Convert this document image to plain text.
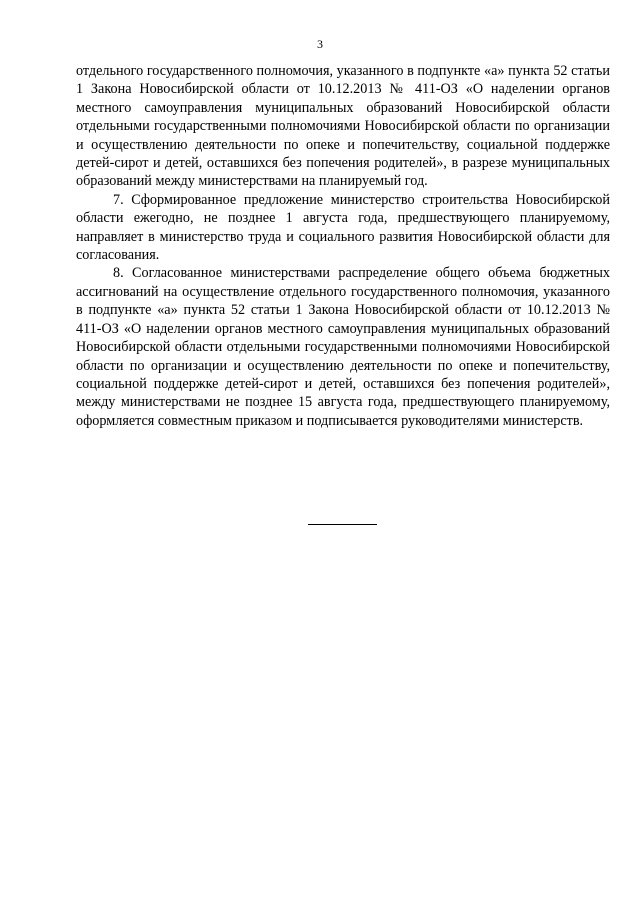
3

отдельного государственного полномочия, указанного в подпункте «а» пункта 52 статьи 1 Закона Новосибирской области от 10.12.2013 № 411-ОЗ «О наделении органов местного самоуправления муниципальных образований Новосибирской области отдельными государственными полномочиями Новосибирской области по организации и осуществлению деятельности по опеке и попечительству, социальной поддержке детей-сирот и детей, оставшихся без попечения родителей», в разрезе муниципальных образований между министерствами на планируемый год.

7. Сформированное предложение министерство строительства Новосибирской области ежегодно, не позднее 1 августа года, предшествующего планируемому, направляет в министерство труда и социального развития Новосибирской области для согласования.

8. Согласованное министерствами распределение общего объема бюджетных ассигнований на осуществление отдельного государственного полномочия, указанного в подпункте «а» пункта 52 статьи 1 Закона Новосибирской области от 10.12.2013 № 411-ОЗ «О наделении органов местного самоуправления муниципальных образований Новосибирской области отдельными государственными полномочиями Новосибирской области по организации и осуществлению деятельности по опеке и попечительству, социальной поддержке детей-сирот и детей, оставшихся без попечения родителей», между министерствами не позднее 15 августа года, предшествующего планируемому, оформляется совместным приказом и подписывается руководителями министерств.
